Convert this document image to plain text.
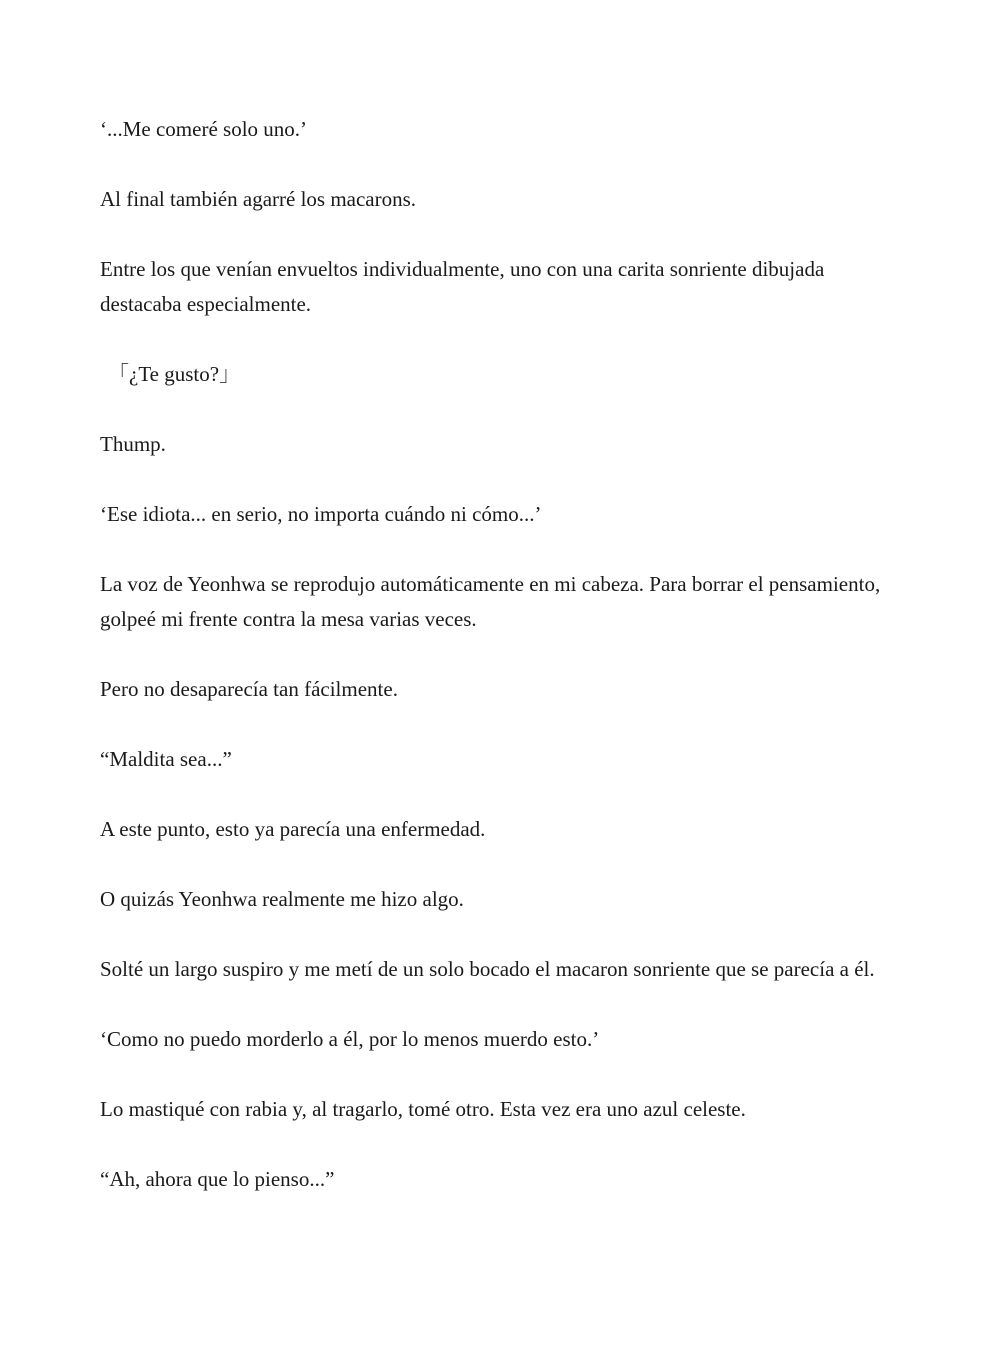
‘...Me comeré solo uno.’

Al final también agarré los macarons.

Entre los que venían envueltos individualmente, uno con una carita sonriente dibujada destacaba especialmente.

「¿Te gusto?」

Thump.

‘Ese idiota... en serio, no importa cuándo ni cómo...’

La voz de Yeonhwa se reprodujo automáticamente en mi cabeza. Para borrar el pensamiento, golpeé mi frente contra la mesa varias veces.

Pero no desaparecía tan fácilmente.

“Maldita sea...”

A este punto, esto ya parecía una enfermedad.

O quizás Yeonhwa realmente me hizo algo.

Solté un largo suspiro y me metí de un solo bocado el macaron sonriente que se parecía a él.

‘Como no puedo morderlo a él, por lo menos muerdo esto.’

Lo mastiqué con rabia y, al tragarlo, tomé otro. Esta vez era uno azul celeste.

“Ah, ahora que lo pienso...”
